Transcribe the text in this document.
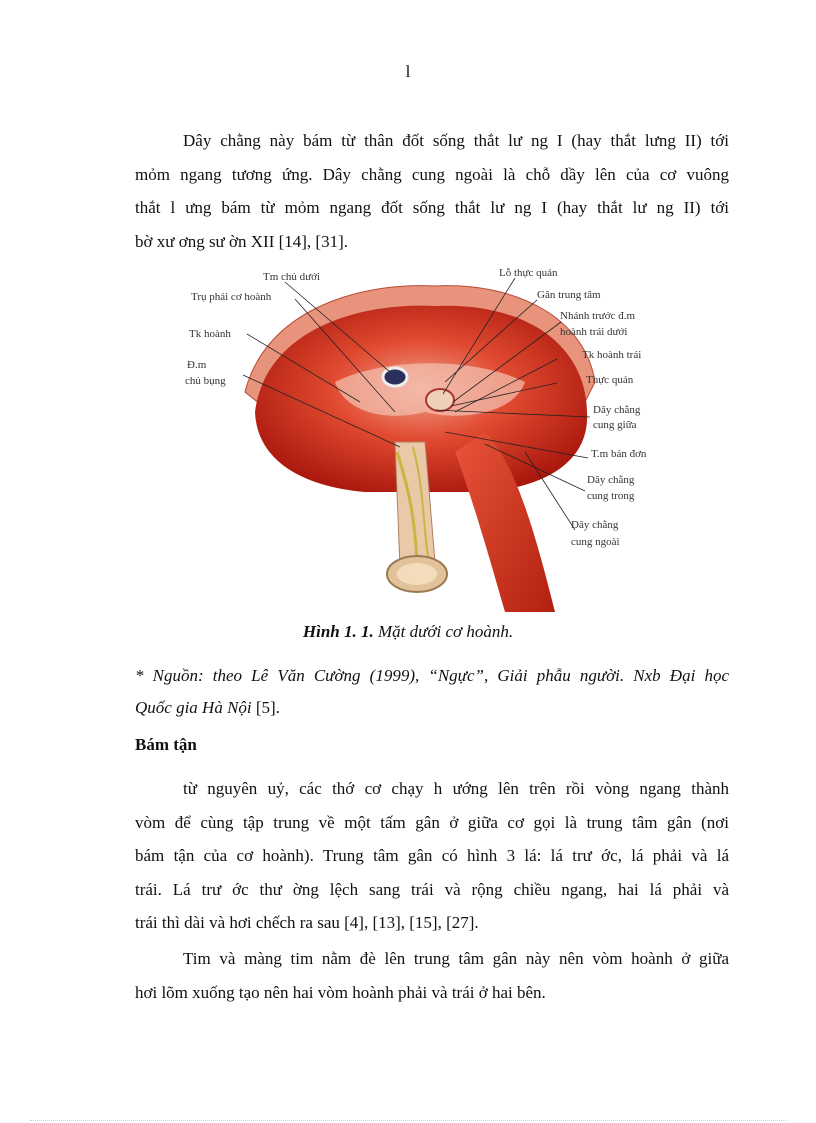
l

Dây chằng này bám từ thân đốt sống thắt lư ng I (hay thắt lưng II) tới
mỏm ngang tương ứng. Dây chằng cung ngoài là chỗ dầy lên của cơ vuông
thắt l ưng bám từ mỏm ngang đốt sống thắt lư ng I (hay thắt lư ng II) tới
bờ xư ơng sư ờn XII [14], [31].

Tm chủ dưới
Trụ phải cơ hoành
Tk hoành
Đ.m
chủ bụng
Lỗ thực quản
Gân trung tâm
Nhánh trước đ.m
hoành trái dưới
Tk hoành trái
Thực quản
Dây chằng
cung giữa
T.m bán đơn
Dây chằng
cung trong
Dây chằng
cung ngoài
Hình 1. 1. Mặt dưới cơ hoành.

* Nguồn: theo Lê Văn Cường (1999), “Ngực”, Giải phẫu người. Nxb Đại học
Quốc gia Hà Nội [5].

Bám tận

từ nguyên uỷ, các thớ cơ chạy h ướng lên trên rồi vòng ngang thành
vòm để cùng tập trung về một tấm gân ở giữa cơ gọi là trung tâm gân (nơi
bám tận của cơ hoành). Trung tâm gân có hình 3 lá: lá trư ớc, lá phải và lá
trái. Lá trư ớc thư ờng lệch sang trái và rộng chiều ngang, hai lá phải và
trái thì dài và hơi chếch ra sau [4], [13], [15], [27].

Tim và màng tim nằm đè lên trung tâm gân này nên vòm hoành ở giữa
hơi lõm xuống tạo nên hai vòm hoành phải và trái ở hai bên.
